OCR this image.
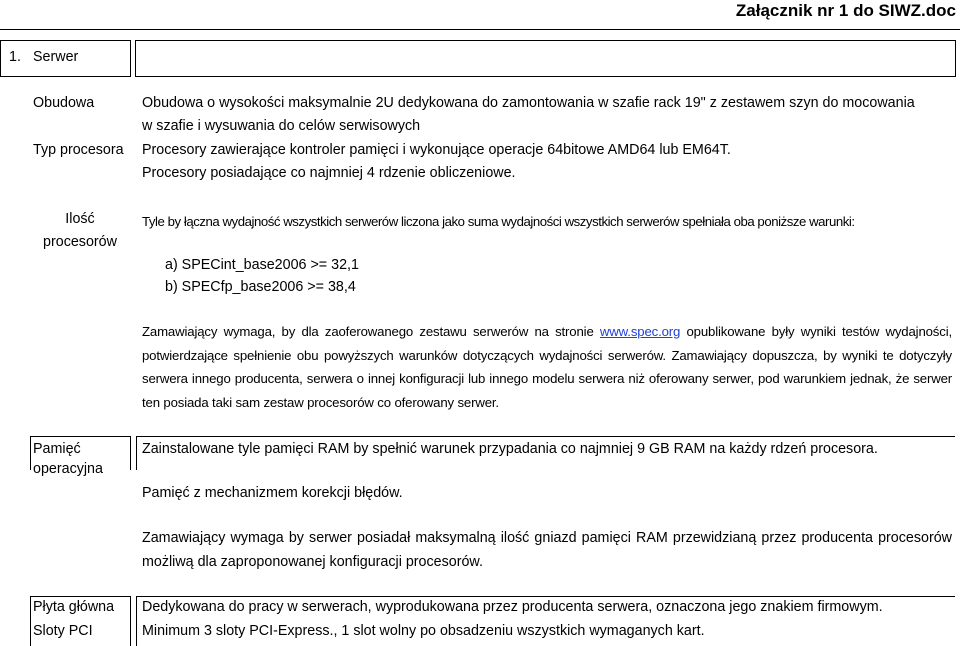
Załącznik nr 1 do SIWZ.doc
1. Serwer
Obudowa	Obudowa o wysokości maksymalnie 2U dedykowana do zamontowania w szafie rack 19" z zestawem szyn do mocowania
w szafie i wysuwania do celów serwisowych
Typ procesora Procesory zawierające kontroler pamięci i wykonujące operacje 64bitowe AMD64 lub EM64T.
Procesory posiadające co najmniej 4 rdzenie obliczeniowe.
Ilość
procesorów
Tyle by łączna wydajność wszystkich serwerów liczona jako suma wydajności wszystkich serwerów spełniała oba poniższe warunki:
a) SPECint_base2006 >= 32,1
b) SPECfp_base2006 >= 38,4
Zamawiający wymaga, by dla zaoferowanego zestawu serwerów na stronie www.spec.org opublikowane były wyniki testów wydajności, potwierdzające spełnienie obu powyższych warunków dotyczących wydajności serwerów. Zamawiający dopuszcza, by wyniki te dotyczyły serwera innego producenta, serwera o innej konfiguracji lub innego modelu serwera niż oferowany serwer, pod warunkiem jednak, że serwer ten posiada taki sam zestaw procesorów co oferowany serwer.
Pamięć
operacyjna
Zainstalowane tyle pamięci RAM by spełnić warunek przypadania co najmniej 9 GB RAM na każdy rdzeń procesora.
Pamięć z mechanizmem korekcji błędów.
Zamawiający wymaga by serwer posiadał maksymalną ilość gniazd pamięci RAM przewidzianą przez producenta procesorów możliwą dla zaproponowanej konfiguracji procesorów.
Płyta główna Dedykowana do pracy w serwerach, wyprodukowana przez producenta serwera, oznaczona jego znakiem firmowym.
Sloty PCI	Minimum 3 sloty PCI-Express., 1 slot wolny po obsadzeniu wszystkich wymaganych kart.
